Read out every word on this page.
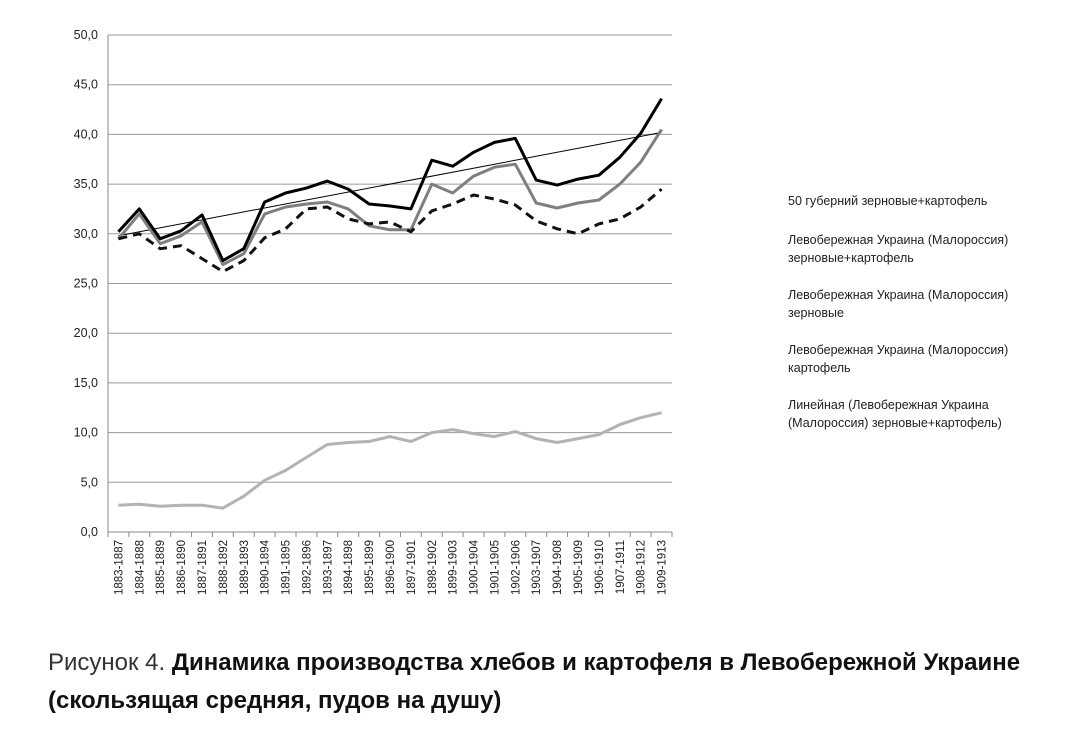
0,0
5,0
10,0
15,0
20,0
25,0
30,0
35,0
40,0
45,0
50,0
1883-1887 1884-1888 1885-1889 1886-1890 1887-1891 1888-1892 1889-1893 1890-1894 1891-1895 1892-1896 1893-1897 1894-1898 1895-1899 1896-1900 1897-1901 1898-1902 1899-1903 1900-1904 1901-1905 1902-1906 1903-1907 1904-1908 1905-1909 1906-1910 1907-1911 1908-1912 1909-1913
50 губерний зерновые+картофель
Левобережная Украина (Малороссия) зерновые+картофель
Левобережная Украина (Малороссия) зерновые
Левобережная Украина (Малороссия) картофель
Линейная (Левобережная Украина (Малороссия) зерновые+картофель)
Рисунок 4. Динамика производства хлебов и картофеля в Левобережной Украине (скользящая средняя, пудов на душу)
